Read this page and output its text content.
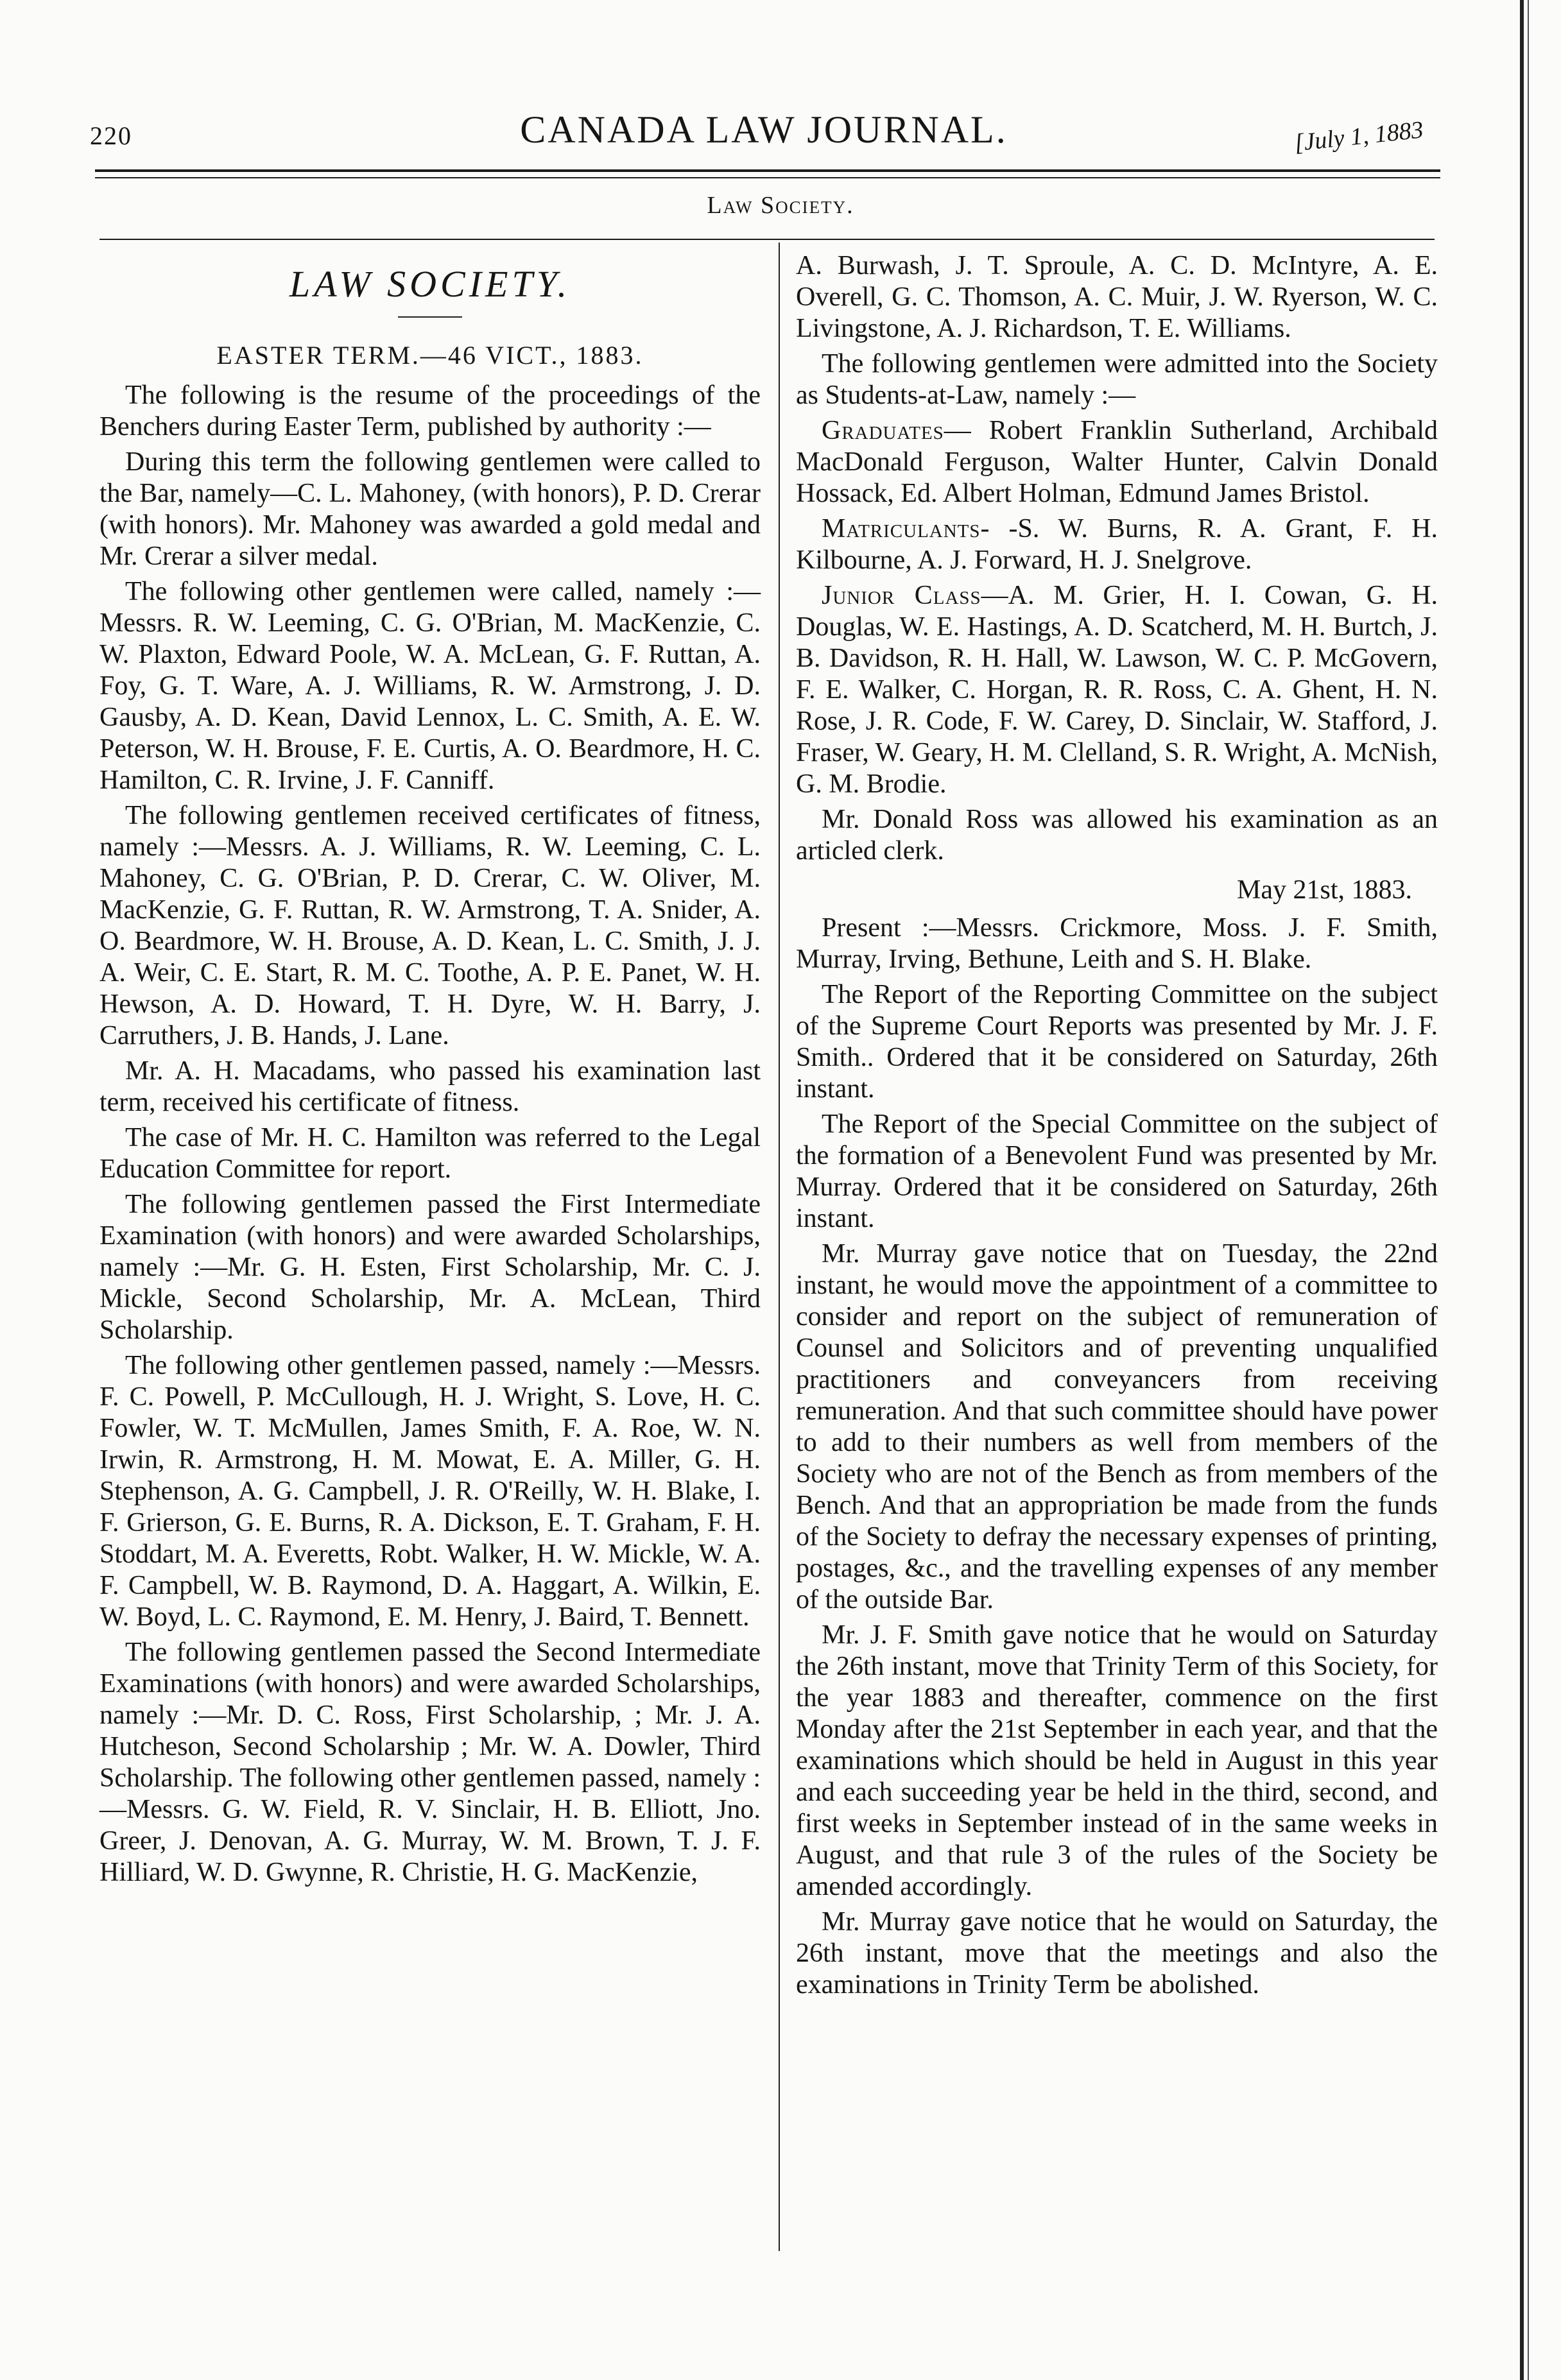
220	CANADA LAW JOURNAL.	[July 1, 1883
Law Society.
LAW SOCIETY.
EASTER TERM.—46 VICT., 1883.

The following is the resume of the proceedings of the Benchers during Easter Term, published by authority :—

During this term the following gentlemen were called to the Bar, namely—C. L. Mahoney, (with honors), P. D. Crerar (with honors). Mr. Mahoney was awarded a gold medal and Mr. Crerar a silver medal.

The following other gentlemen were called, namely :—Messrs. R. W. Leeming, C. G. O'Brian, M. MacKenzie, C. W. Plaxton, Edward Poole, W. A. McLean, G. F. Ruttan, A. Foy, G. T. Ware, A. J. Williams, R. W. Armstrong, J. D. Gausby, A. D. Kean, David Lennox, L. C. Smith, A. E. W. Peterson, W. H. Brouse, F. E. Curtis, A. O. Beardmore, H. C. Hamilton, C. R. Irvine, J. F. Canniff.

The following gentlemen received certificates of fitness, namely :—Messrs. A. J. Williams, R. W. Leeming, C. L. Mahoney, C. G. O'Brian, P. D. Crerar, C. W. Oliver, M. MacKenzie, G. F. Ruttan, R. W. Armstrong, T. A. Snider, A. O. Beardmore, W. H. Brouse, A. D. Kean, L. C. Smith, J. J. A. Weir, C. E. Start, R. M. C. Toothe, A. P. E. Panet, W. H. Hewson, A. D. Howard, T. H. Dyre, W. H. Barry, J. Carruthers, J. B. Hands, J. Lane.

Mr. A. H. Macadams, who passed his examination last term, received his certificate of fitness.

The case of Mr. H. C. Hamilton was referred to the Legal Education Committee for report.

The following gentlemen passed the First Intermediate Examination (with honors) and were awarded Scholarships, namely :—Mr. G. H. Esten, First Scholarship, Mr. C. J. Mickle, Second Scholarship, Mr. A. McLean, Third Scholarship.

The following other gentlemen passed, namely :—Messrs. F. C. Powell, P. McCullough, H. J. Wright, S. Love, H. C. Fowler, W. T. McMullen, James Smith, F. A. Roe, W. N. Irwin, R. Armstrong, H. M. Mowat, E. A. Miller, G. H. Stephenson, A. G. Campbell, J. R. O'Reilly, W. H. Blake, I. F. Grierson, G. E. Burns, R. A. Dickson, E. T. Graham, F. H. Stoddart, M. A. Everetts, Robt. Walker, H. W. Mickle, W. A. F. Campbell, W. B. Raymond, D. A. Haggart, A. Wilkin, E. W. Boyd, L. C. Raymond, E. M. Henry, J. Baird, T. Bennett.

The following gentlemen passed the Second Intermediate Examinations (with honors) and were awarded Scholarships, namely :—Mr. D. C. Ross, First Scholarship, ; Mr. J. A. Hutcheson, Second Scholarship ; Mr. W. A. Dowler, Third Scholarship. The following other gentlemen passed, namely :—Messrs. G. W. Field, R. V. Sinclair, H. B. Elliott, Jno. Greer, J. Denovan, A. G. Murray, W. M. Brown, T. J. F. Hilliard, W. D. Gwynne, R. Christie, H. G. MacKenzie,

A. Burwash, J. T. Sproule, A. C. D. McIntyre, A. E. Overell, G. C. Thomson, A. C. Muir, J. W. Ryerson, W. C. Livingstone, A. J. Richardson, T. E. Williams.

The following gentlemen were admitted into the Society as Students-at-Law, namely :—

Graduates— Robert Franklin Sutherland, Archibald MacDonald Ferguson, Walter Hunter, Calvin Donald Hossack, Ed. Albert Holman, Edmund James Bristol.

Matriculants- -S. W. Burns, R. A. Grant, F. H. Kilbourne, A. J. Forward, H. J. Snelgrove.

Junior Class—A. M. Grier, H. I. Cowan, G. H. Douglas, W. E. Hastings, A. D. Scatcherd, M. H. Burtch, J. B. Davidson, R. H. Hall, W. Lawson, W. C. P. McGovern, F. E. Walker, C. Horgan, R. R. Ross, C. A. Ghent, H. N. Rose, J. R. Code, F. W. Carey, D. Sinclair, W. Stafford, J. Fraser, W. Geary, H. M. Clelland, S. R. Wright, A. McNish, G. M. Brodie.

Mr. Donald Ross was allowed his examination as an articled clerk.

May 21st, 1883.

Present :—Messrs. Crickmore, Moss. J. F. Smith, Murray, Irving, Bethune, Leith and S. H. Blake.

The Report of the Reporting Committee on the subject of the Supreme Court Reports was presented by Mr. J. F. Smith.. Ordered that it be considered on Saturday, 26th instant.

The Report of the Special Committee on the subject of the formation of a Benevolent Fund was presented by Mr. Murray. Ordered that it be considered on Saturday, 26th instant.

Mr. Murray gave notice that on Tuesday, the 22nd instant, he would move the appointment of a committee to consider and report on the subject of remuneration of Counsel and Solicitors and of preventing unqualified practitioners and conveyancers from receiving remuneration. And that such committee should have power to add to their numbers as well from members of the Society who are not of the Bench as from members of the Bench. And that an appropriation be made from the funds of the Society to defray the necessary expenses of printing, postages, &c., and the travelling expenses of any member of the outside Bar.

Mr. J. F. Smith gave notice that he would on Saturday the 26th instant, move that Trinity Term of this Society, for the year 1883 and thereafter, commence on the first Monday after the 21st September in each year, and that the examinations which should be held in August in this year and each succeeding year be held in the third, second, and first weeks in September instead of in the same weeks in August, and that rule 3 of the rules of the Society be amended accordingly.

Mr. Murray gave notice that he would on Saturday, the 26th instant, move that the meetings and also the examinations in Trinity Term be abolished.
